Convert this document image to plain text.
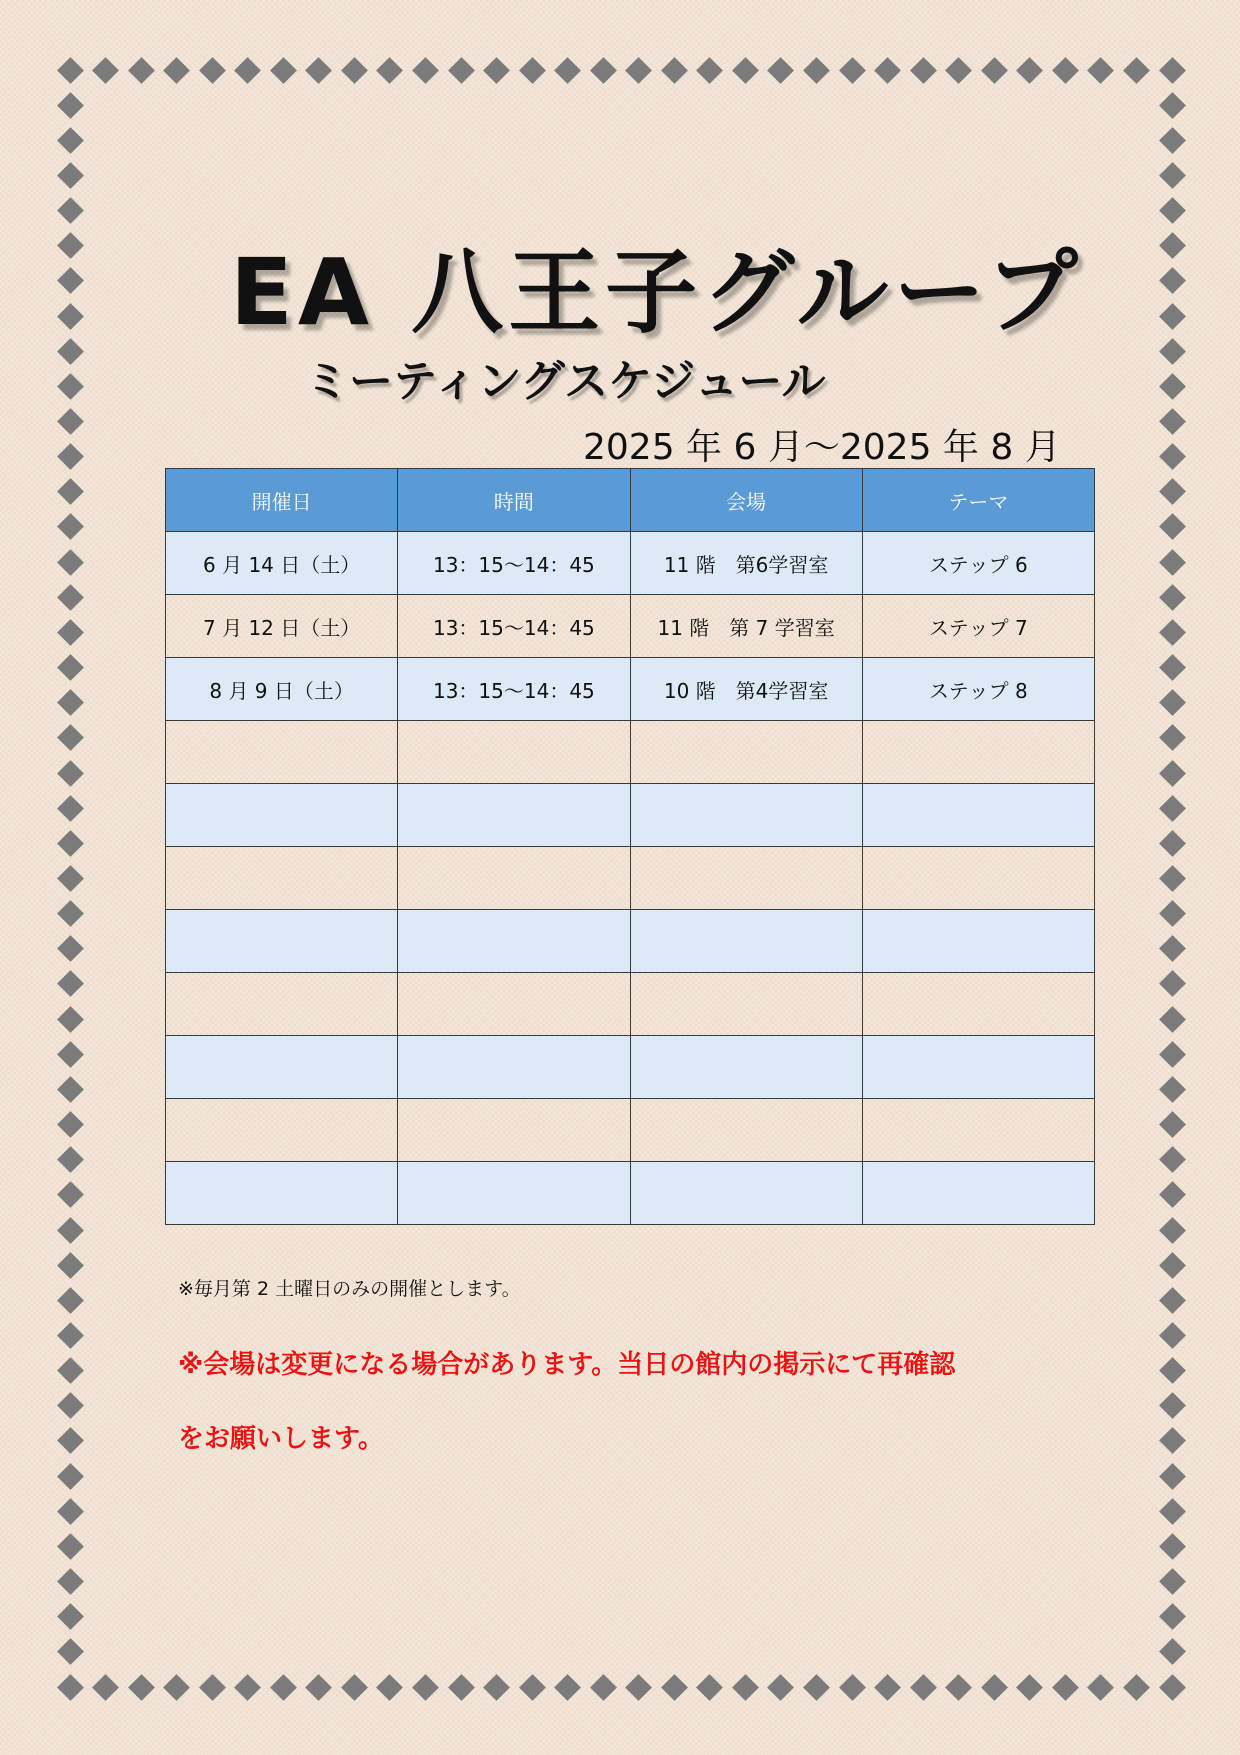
EA 八王子グループ
ミーティングスケジュール
2025 年 6 月～2025 年 8 月
開催日	時間	会場	テーマ
6 月 14 日（土）	13：15～14：45	11 階　第6学習室	ステップ 6
7 月 12 日（土）	13：15～14：45	11 階　第 7 学習室	ステップ 7
8 月 9 日（土）	13：15～14：45	10 階　第4学習室	ステップ 8

※毎月第 2 土曜日のみの開催とします。
※会場は変更になる場合があります。当日の館内の掲示にて再確認
をお願いします。
